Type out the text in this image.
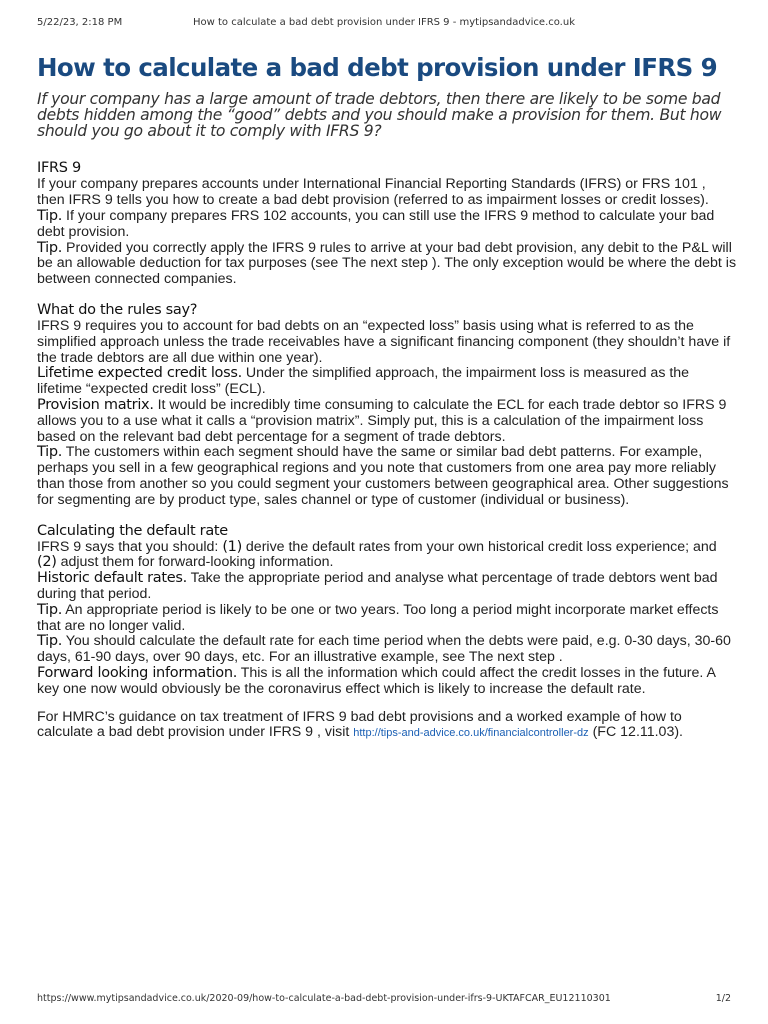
5/22/23, 2:18 PM	How to calculate a bad debt provision under IFRS 9 - mytipsandadvice.co.uk
How to calculate a bad debt provision under IFRS 9

If your company has a large amount of trade debtors, then there are likely to be some bad debts hidden among the “good” debts and you should make a provision for them. But how should you go about it to comply with IFRS 9?

IFRS 9

If your company prepares accounts under International Financial Reporting Standards (IFRS) or FRS 101 , then IFRS 9 tells you how to create a bad debt provision (referred to as impairment losses or credit losses).

Tip. If your company prepares FRS 102 accounts, you can still use the IFRS 9 method to calculate your bad debt provision.

Tip. Provided you correctly apply the IFRS 9 rules to arrive at your bad debt provision, any debit to the P&L will be an allowable deduction for tax purposes (see The next step ). The only exception would be where the debt is between connected companies.

What do the rules say?

IFRS 9 requires you to account for bad debts on an “expected loss” basis using what is referred to as the simplified approach unless the trade receivables have a significant financing component (they shouldn’t have if the trade debtors are all due within one year).

Lifetime expected credit loss. Under the simplified approach, the impairment loss is measured as the lifetime “expected credit loss” (ECL).

Provision matrix. It would be incredibly time consuming to calculate the ECL for each trade debtor so IFRS 9 allows you to a use what it calls a “provision matrix”. Simply put, this is a calculation of the impairment loss based on the relevant bad debt percentage for a segment of trade debtors.

Tip. The customers within each segment should have the same or similar bad debt patterns. For example, perhaps you sell in a few geographical regions and you note that customers from one area pay more reliably than those from another so you could segment your customers between geographical area. Other suggestions for segmenting are by product type, sales channel or type of customer (individual or business).

Calculating the default rate

IFRS 9 says that you should: (1) derive the default rates from your own historical credit loss experience; and (2) adjust them for forward-looking information.

Historic default rates. Take the appropriate period and analyse what percentage of trade debtors went bad during that period.

Tip. An appropriate period is likely to be one or two years. Too long a period might incorporate market effects that are no longer valid.

Tip. You should calculate the default rate for each time period when the debts were paid, e.g. 0-30 days, 30-60 days, 61-90 days, over 90 days, etc. For an illustrative example, see The next step .

Forward looking information. This is all the information which could affect the credit losses in the future. A key one now would obviously be the coronavirus effect which is likely to increase the default rate.

For HMRC’s guidance on tax treatment of IFRS 9 bad debt provisions and a worked example of how to calculate a bad debt provision under IFRS 9 , visit http://tips-and-advice.co.uk/financialcontroller-dz (FC 12.11.03).

https://www.mytipsandadvice.co.uk/2020-09/how-to-calculate-a-bad-debt-provision-under-ifrs-9-UKTAFCAR_EU12110301	1/2
